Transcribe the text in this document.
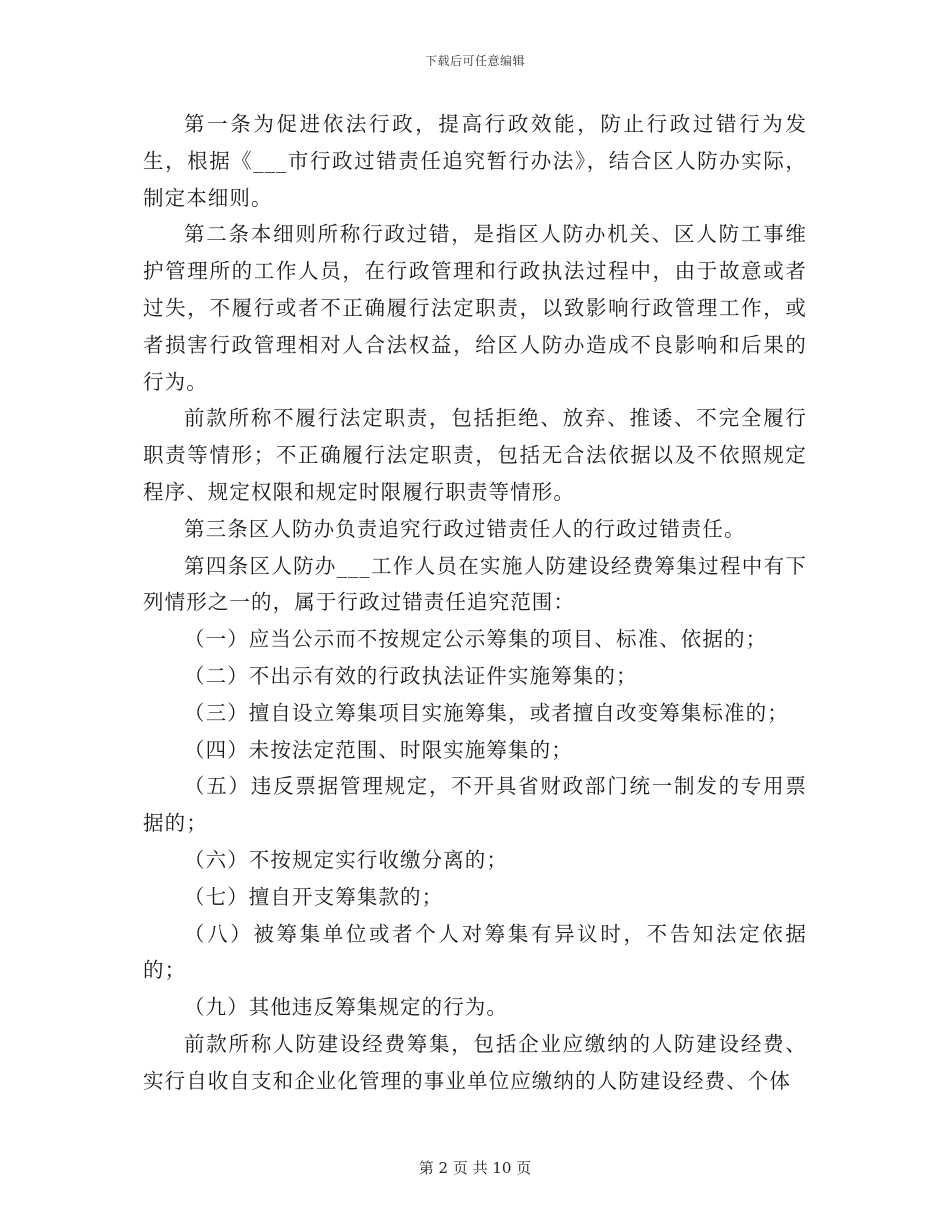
下载后可任意编辑

第一条为促进依法行政，提高行政效能，防止行政过错行为发生，根据《___市行政过错责任追究暂行办法》，结合区人防办实际，制定本细则。

第二条本细则所称行政过错，是指区人防办机关、区人防工事维护管理所的工作人员，在行政管理和行政执法过程中，由于故意或者过失，不履行或者不正确履行法定职责，以致影响行政管理工作，或者损害行政管理相对人合法权益，给区人防办造成不良影响和后果的行为。

前款所称不履行法定职责，包括拒绝、放弃、推诿、不完全履行职责等情形；不正确履行法定职责，包括无合法依据以及不依照规定程序、规定权限和规定时限履行职责等情形。

第三条区人防办负责追究行政过错责任人的行政过错责任。

第四条区人防办___工作人员在实施人防建设经费筹集过程中有下列情形之一的，属于行政过错责任追究范围：

（一）应当公示而不按规定公示筹集的项目、标准、依据的；

（二）不出示有效的行政执法证件实施筹集的；

（三）擅自设立筹集项目实施筹集，或者擅自改变筹集标准的；

（四）未按法定范围、时限实施筹集的；

（五）违反票据管理规定，不开具省财政部门统一制发的专用票据的；

（六）不按规定实行收缴分离的；

（七）擅自开支筹集款的；

（八）被筹集单位或者个人对筹集有异议时，不告知法定依据的；

（九）其他违反筹集规定的行为。

前款所称人防建设经费筹集，包括企业应缴纳的人防建设经费、实行自收自支和企业化管理的事业单位应缴纳的人防建设经费、个体

第 2 页 共 10 页
